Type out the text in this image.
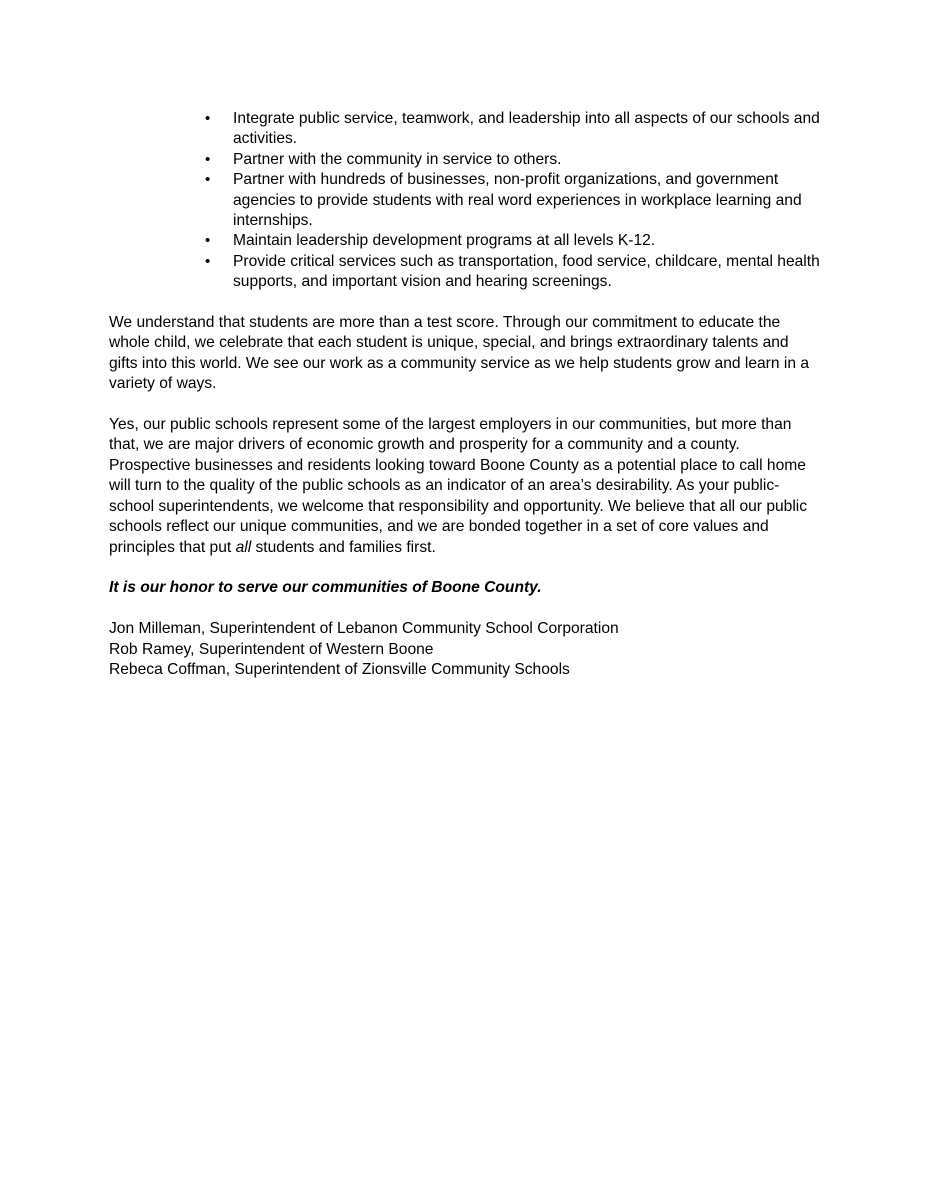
• Integrate public service, teamwork, and leadership into all aspects of our schools and activities.
• Partner with the community in service to others.
• Partner with hundreds of businesses, non-profit organizations, and government agencies to provide students with real word experiences in workplace learning and internships.
• Maintain leadership development programs at all levels K-12.
• Provide critical services such as transportation, food service, childcare, mental health supports, and important vision and hearing screenings.

We understand that students are more than a test score. Through our commitment to educate the whole child, we celebrate that each student is unique, special, and brings extraordinary talents and gifts into this world. We see our work as a community service as we help students grow and learn in a variety of ways.

Yes, our public schools represent some of the largest employers in our communities, but more than that, we are major drivers of economic growth and prosperity for a community and a county. Prospective businesses and residents looking toward Boone County as a potential place to call home will turn to the quality of the public schools as an indicator of an area’s desirability. As your public-school superintendents, we welcome that responsibility and opportunity. We believe that all our public schools reflect our unique communities, and we are bonded together in a set of core values and principles that put all students and families first.

It is our honor to serve our communities of Boone County.

Jon Milleman, Superintendent of Lebanon Community School Corporation

Rob Ramey, Superintendent of Western Boone

Rebeca Coffman, Superintendent of Zionsville Community Schools
